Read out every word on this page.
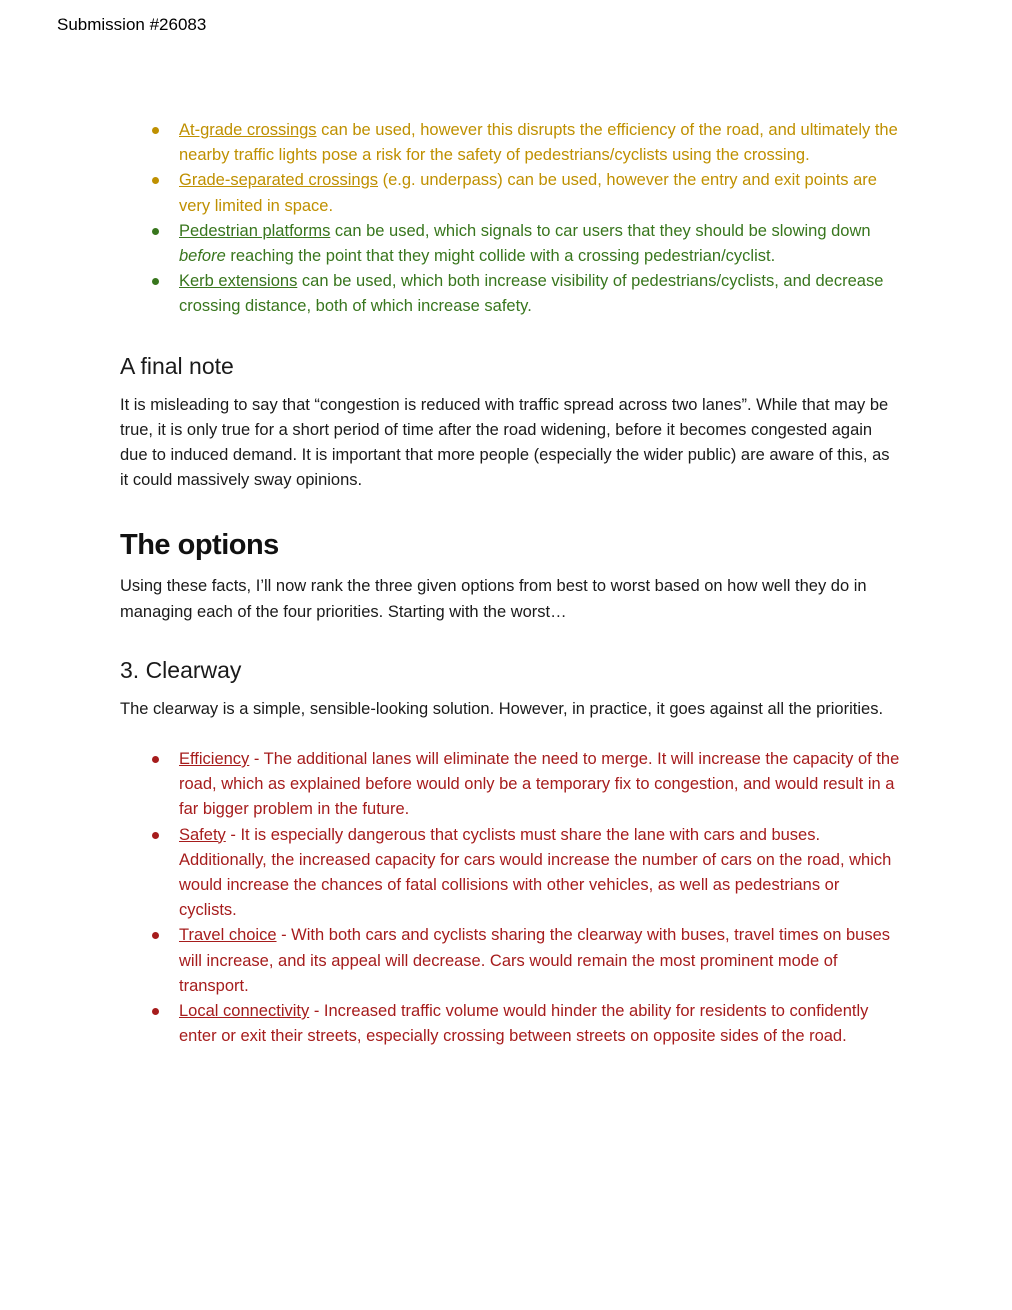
Submission #26083
At-grade crossings can be used, however this disrupts the efficiency of the road, and ultimately the nearby traffic lights pose a risk for the safety of pedestrians/cyclists using the crossing.
Grade-separated crossings (e.g. underpass) can be used, however the entry and exit points are very limited in space.
Pedestrian platforms can be used, which signals to car users that they should be slowing down before reaching the point that they might collide with a crossing pedestrian/cyclist.
Kerb extensions can be used, which both increase visibility of pedestrians/cyclists, and decrease crossing distance, both of which increase safety.
A final note

It is misleading to say that “congestion is reduced with traffic spread across two lanes”. While that may be true, it is only true for a short period of time after the road widening, before it becomes congested again due to induced demand. It is important that more people (especially the wider public) are aware of this, as it could massively sway opinions.

The options

Using these facts, I’ll now rank the three given options from best to worst based on how well they do in managing each of the four priorities. Starting with the worst…

3. Clearway

The clearway is a simple, sensible-looking solution. However, in practice, it goes against all the priorities.

Efficiency - The additional lanes will eliminate the need to merge. It will increase the capacity of the road, which as explained before would only be a temporary fix to congestion, and would result in a far bigger problem in the future.
Safety - It is especially dangerous that cyclists must share the lane with cars and buses. Additionally, the increased capacity for cars would increase the number of cars on the road, which would increase the chances of fatal collisions with other vehicles, as well as pedestrians or cyclists.
Travel choice - With both cars and cyclists sharing the clearway with buses, travel times on buses will increase, and its appeal will decrease. Cars would remain the most prominent mode of transport.
Local connectivity - Increased traffic volume would hinder the ability for residents to confidently enter or exit their streets, especially crossing between streets on opposite sides of the road.
